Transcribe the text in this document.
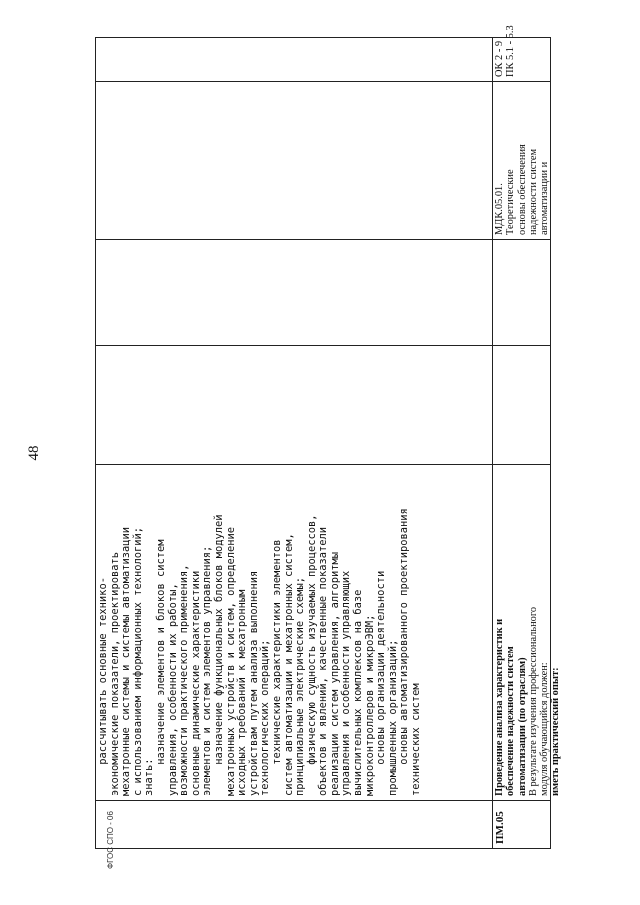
48
рассчитывать основные технико-
экономические показатели, проектировать
мехатронные системы и системы автоматизации
с использованием информационных технологий;
знать:
назначение элементов и блоков систем
управления, особенности их работы,
возможности практического применения,
основные динамические характеристики
элементов и систем элементов управления;
назначение функциональных блоков модулей
мехатронных устройств и систем, определение
исходных требований к мехатронным
устройствам путем анализа выполнения
технологических операций;
технические характеристики элементов
систем автоматизации и мехатронных систем,
принципиальные электрические схемы;
физическую сущность изучаемых процессов,
объектов и явлений, качественные показатели
реализации систем управления, алгоритмы
управления и особенности управляющих
вычислительных комплексов на базе
микроконтроллеров и микроЭВМ;
основы организации деятельности
промышленных организаций;
основы автоматизированного проектирования
технических систем

ПМ.05

Проведение анализа характеристик и обеспечение надежности систем автоматизации (по отраслям) В результате изучения профессионального модуля обучающийся должен: иметь практический опыт:
МДК.05.01. Теоретические основы обеспечения надежности систем автоматизации и
ОК 2 - 9 ПК 5.1 - 5.3
ФГОС СПО - 06
